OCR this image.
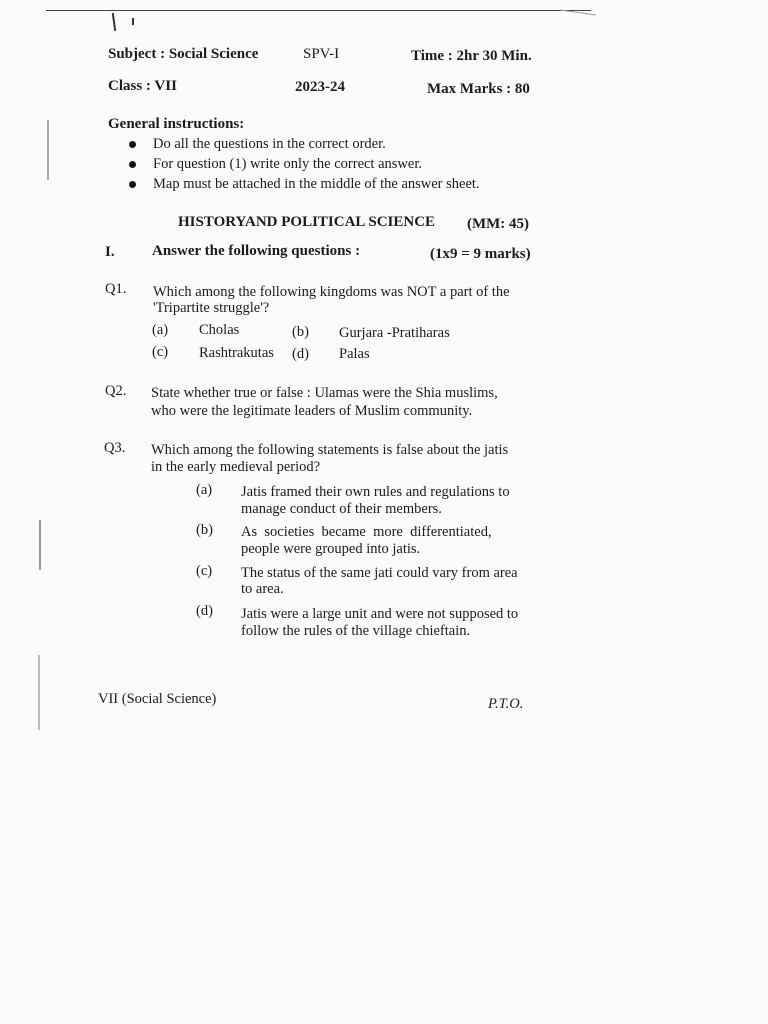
Subject : Social Science	SPV-I	Time : 2hr 30 Min.
Class : VII	2023-24	Max Marks : 80
General instructions:
Do all the questions in the correct order.
For question (1) write only the correct answer.
Map must be attached in the middle of the answer sheet.
HISTORYAND POLITICAL SCIENCE (MM: 45)
I. Answer the following questions :	(1x9 = 9 marks)
Q1. Which among the following kingdoms was NOT a part of the
'Tripartite struggle'?
(a) Cholas	(b) Gurjara -Pratiharas
(c) Rashtrakutas (d) Palas
Q2. State whether true or false : Ulamas were the Shia muslims,
who were the legitimate leaders of Muslim community.
Q3. Which among the following statements is false about the jatis
in the early medieval period?
(a) Jatis framed their own rules and regulations to
manage conduct of their members.
(b) As  societies  became  more  differentiated,
people were grouped into jatis.
(c) The status of the same jati could vary from area
to area.
(d) Jatis were a large unit and were not supposed to
follow the rules of the village chieftain.
VII (Social Science)	P.T.O.
